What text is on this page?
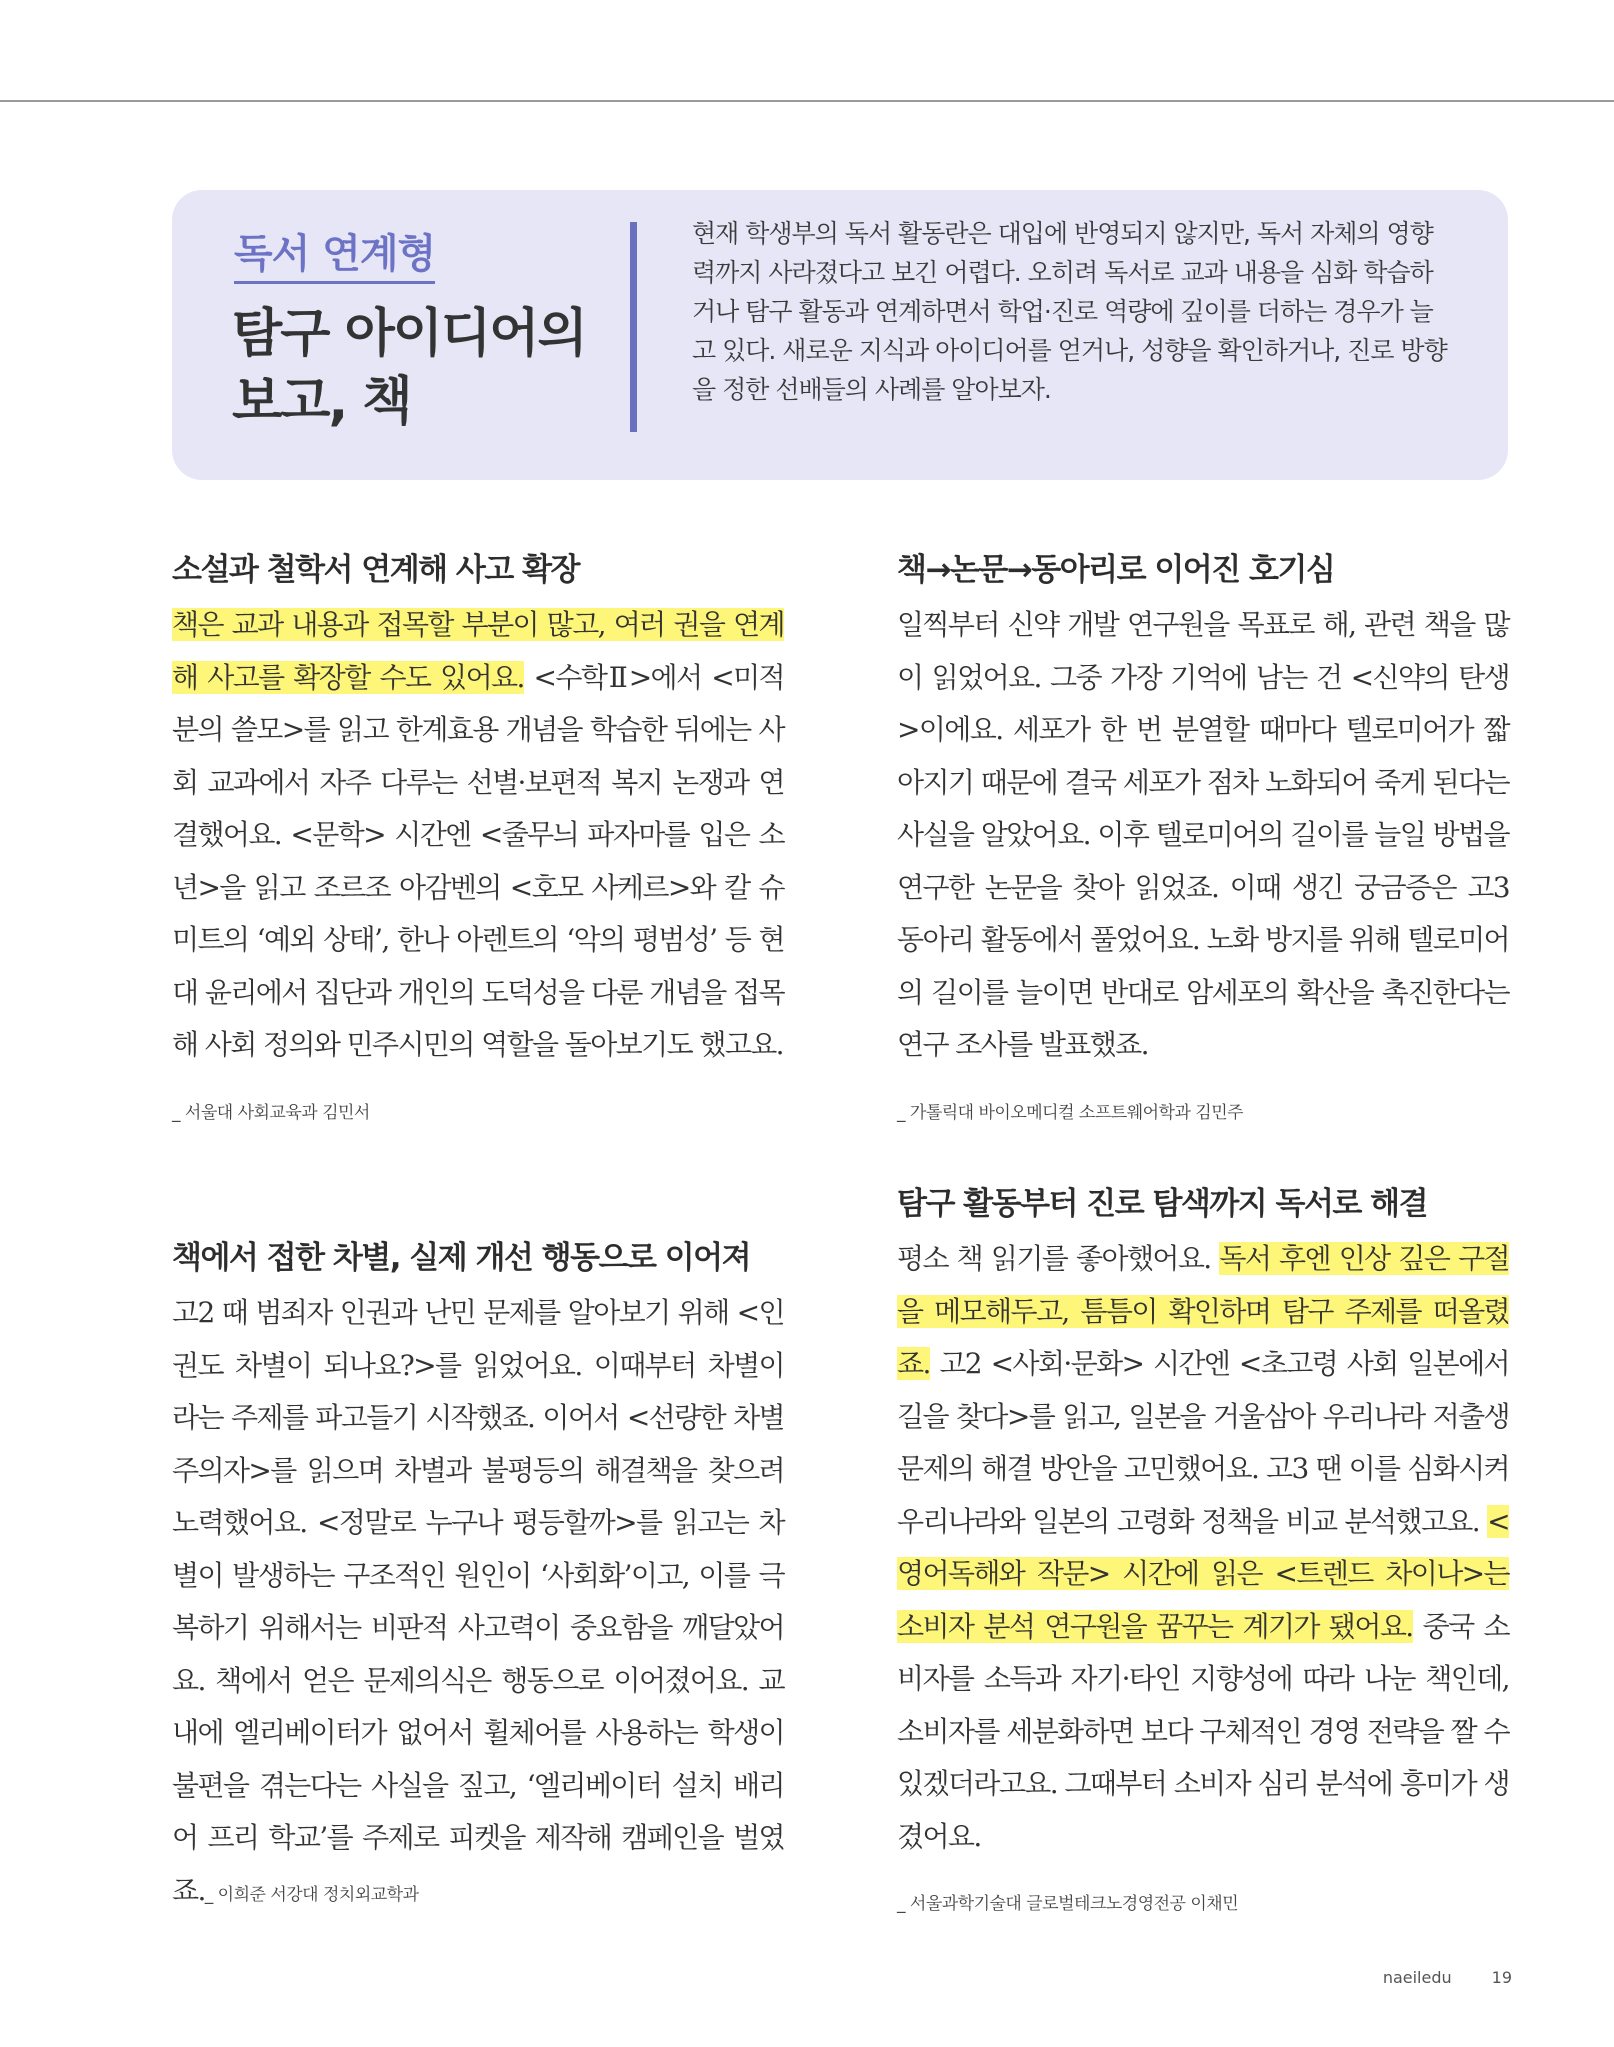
독서 연계형
탐구 아이디어의
보고, 책

현재 학생부의 독서 활동란은 대입에 반영되지 않지만, 독서 자체의 영향력까지 사라졌다고 보긴 어렵다. 오히려 독서로 교과 내용을 심화 학습하거나 탐구 활동과 연계하면서 학업·진로 역량에 깊이를 더하는 경우가 늘고 있다. 새로운 지식과 아이디어를 얻거나, 성향을 확인하거나, 진로 방향을 정한 선배들의 사례를 알아보자.

소설과 철학서 연계해 사고 확장

책은 교과 내용과 접목할 부분이 많고, 여러 권을 연계해 사고를 확장할 수도 있어요. <수학Ⅱ>에서 <미적분의 쓸모>를 읽고 한계효용 개념을 학습한 뒤에는 사회 교과에서 자주 다루는 선별·보편적 복지 논쟁과 연결했어요. <문학> 시간엔 <줄무늬 파자마를 입은 소년>을 읽고 조르조 아감벤의 <호모 사케르>와 칼 슈미트의 ‘예외 상태’, 한나 아렌트의 ‘악의 평범성’ 등 현대 윤리에서 집단과 개인의 도덕성을 다룬 개념을 접목해 사회 정의와 민주시민의 역할을 돌아보기도 했고요.

_ 서울대 사회교육과 김민서
책에서 접한 차별, 실제 개선 행동으로 이어져

고2 때 범죄자 인권과 난민 문제를 알아보기 위해 <인권도 차별이 되나요?>를 읽었어요. 이때부터 차별이라는 주제를 파고들기 시작했죠. 이어서 <선량한 차별주의자>를 읽으며 차별과 불평등의 해결책을 찾으려 노력했어요. <정말로 누구나 평등할까>를 읽고는 차별이 발생하는 구조적인 원인이 ‘사회화’이고, 이를 극복하기 위해서는 비판적 사고력이 중요함을 깨달았어요. 책에서 얻은 문제의식은 행동으로 이어졌어요. 교내에 엘리베이터가 없어서 휠체어를 사용하는 학생이 불편을 겪는다는 사실을 짚고, ‘엘리베이터 설치 배리어 프리 학교’를 주제로 피켓을 제작해 캠페인을 벌였죠._ 이희준 서강대 정치외교학과

책→논문→동아리로 이어진 호기심

일찍부터 신약 개발 연구원을 목표로 해, 관련 책을 많이 읽었어요. 그중 가장 기억에 남는 건 <신약의 탄생>이에요. 세포가 한 번 분열할 때마다 텔로미어가 짧아지기 때문에 결국 세포가 점차 노화되어 죽게 된다는 사실을 알았어요. 이후 텔로미어의 길이를 늘일 방법을 연구한 논문을 찾아 읽었죠. 이때 생긴 궁금증은 고3 동아리 활동에서 풀었어요. 노화 방지를 위해 텔로미어의 길이를 늘이면 반대로 암세포의 확산을 촉진한다는 연구 조사를 발표했죠.

_ 가톨릭대 바이오메디컬 소프트웨어학과 김민주
탐구 활동부터 진로 탐색까지 독서로 해결

평소 책 읽기를 좋아했어요. 독서 후엔 인상 깊은 구절을 메모해두고, 틈틈이 확인하며 탐구 주제를 떠올렸죠. 고2 <사회·문화> 시간엔 <초고령 사회 일본에서 길을 찾다>를 읽고, 일본을 거울삼아 우리나라 저출생 문제의 해결 방안을 고민했어요. 고3 땐 이를 심화시켜 우리나라와 일본의 고령화 정책을 비교 분석했고요. <영어독해와 작문> 시간에 읽은 <트렌드 차이나>는 소비자 분석 연구원을 꿈꾸는 계기가 됐어요. 중국 소비자를 소득과 자기·타인 지향성에 따라 나눈 책인데, 소비자를 세분화하면 보다 구체적인 경영 전략을 짤 수 있겠더라고요. 그때부터 소비자 심리 분석에 흥미가 생겼어요.

_ 서울과학기술대 글로벌테크노경영전공 이채민
naeiledu	19
